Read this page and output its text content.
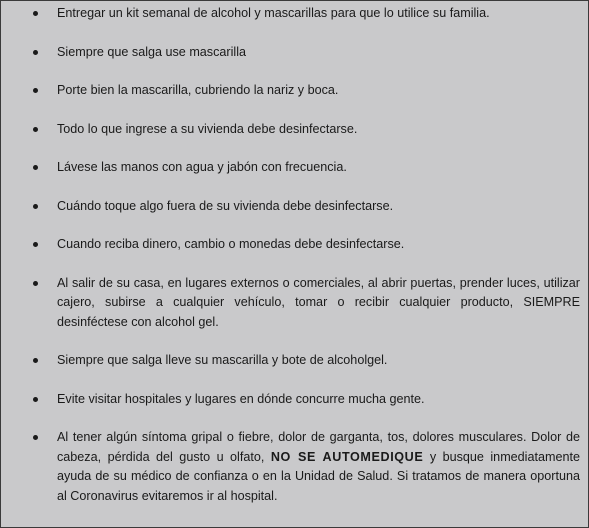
Entregar un kit semanal de alcohol y mascarillas para que lo utilice su familia.
Siempre que salga use mascarilla
Porte bien la mascarilla, cubriendo la nariz y boca.
Todo lo que ingrese a su vivienda debe desinfectarse.
Lávese las manos con agua y jabón con frecuencia.
Cuándo toque algo fuera de su vivienda debe desinfectarse.
Cuando reciba dinero, cambio o monedas debe desinfectarse.
Al salir de su casa, en lugares externos o comerciales, al abrir puertas, prender luces, utilizar cajero, subirse a cualquier vehículo, tomar o recibir cualquier producto, SIEMPRE desinféctese con alcohol gel.
Siempre que salga lleve su mascarilla y bote de alcoholgel.
Evite visitar hospitales y lugares en dónde concurre mucha gente.
Al tener algún síntoma gripal o fiebre, dolor de garganta, tos, dolores musculares. Dolor de cabeza, pérdida del gusto u olfato, NO SE AUTOMEDIQUE y busque inmediatamente ayuda de su médico de confianza o en la Unidad de Salud. Si tratamos de manera oportuna al Coronavirus evitaremos ir al hospital.
